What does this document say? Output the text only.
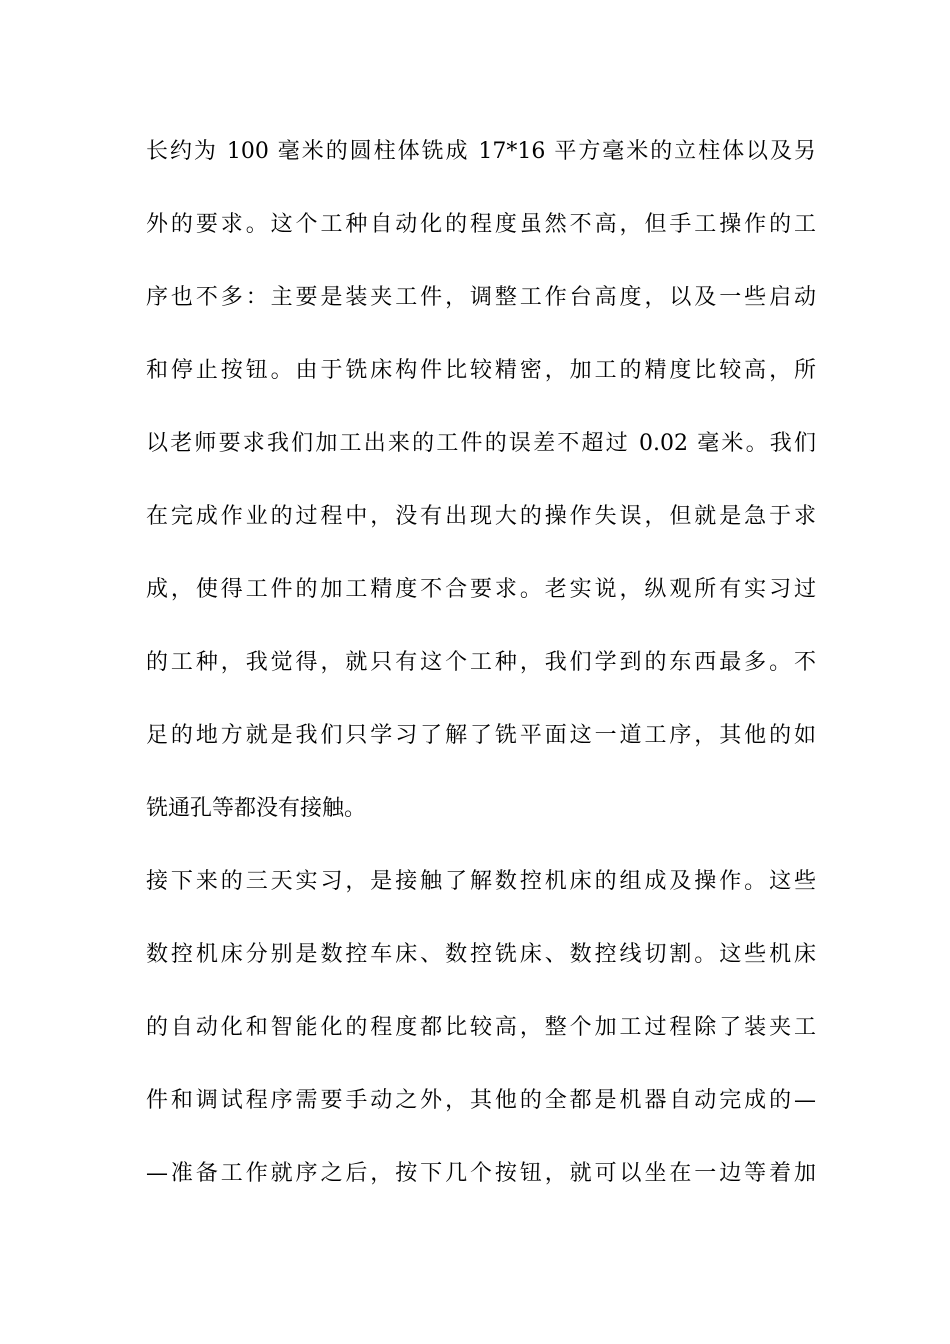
长约为 100 毫米的圆柱体铣成 17*16 平方毫米的立柱体以及另
外的要求。这个工种自动化的程度虽然不高，但手工操作的工
序也不多：主要是装夹工件，调整工作台高度，以及一些启动
和停止按钮。由于铣床构件比较精密，加工的精度比较高，所
以老师要求我们加工出来的工件的误差不超过 0.02 毫米。我们
在完成作业的过程中，没有出现大的操作失误，但就是急于求
成，使得工件的加工精度不合要求。老实说，纵观所有实习过
的工种，我觉得，就只有这个工种，我们学到的东西最多。不
足的地方就是我们只学习了解了铣平面这一道工序，其他的如
铣通孔等都没有接触。
接下来的三天实习，是接触了解数控机床的组成及操作。这些
数控机床分别是数控车床、数控铣床、数控线切割。这些机床
的自动化和智能化的程度都比较高，整个加工过程除了装夹工
件和调试程序需要手动之外，其他的全都是机器自动完成的—
—准备工作就序之后，按下几个按钮，就可以坐在一边等着加
